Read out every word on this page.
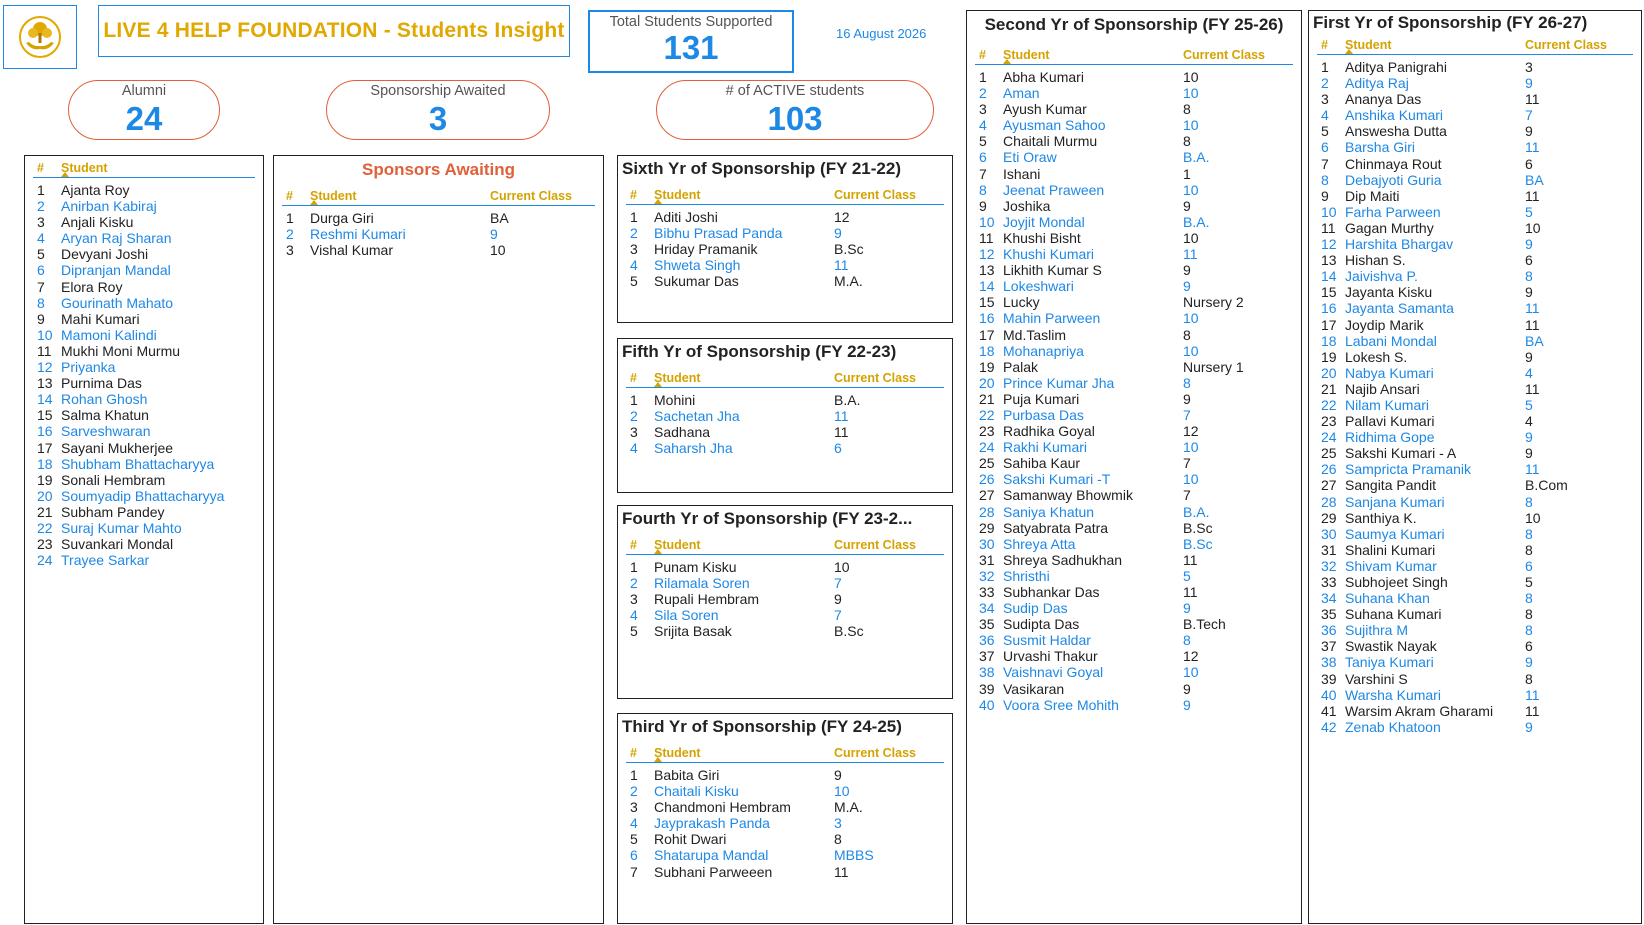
LIVE 4 HELP FOUNDATION - Students Insight	Total Students Supported
131	16 August 2026
Alumni
24
Sponsorship Awaited
3
# of ACTIVE students
103
#	Student
1	Ajanta Roy
2	Anirban Kabiraj
3	Anjali Kisku
4	Aryan Raj Sharan
5	Devyani Joshi
6	Dipranjan Mandal
7	Elora Roy
8	Gourinath Mahato
9	Mahi Kumari
10 Mamoni Kalindi
11 Mukhi Moni Murmu
12 Priyanka
13 Purnima Das
14 Rohan Ghosh
15 Salma Khatun
16 Sarveshwaran
17 Sayani Mukherjee
18 Shubham Bhattacharyya
19 Sonali Hembram
20 Soumyadip Bhattacharyya
21 Subham Pandey
22 Suraj Kumar Mahto
23 Suvankari Mondal
24 Trayee Sarkar
Sponsors Awaiting
#	Student	Current Class
1	Durga Giri	BA
2	Reshmi Kumari	9
3	Vishal Kumar	10
Sixth Yr of Sponsorship (FY 21-22)
#	Student	Current Class
1	Aditi Joshi	12
2	Bibhu Prasad Panda	9
3	Hriday Pramanik	B.Sc
4	Shweta Singh	11
5	Sukumar Das	M.A.
Fifth Yr of Sponsorship (FY 22-23)
#	Student	Current Class
1	Mohini	B.A.
2	Sachetan Jha	11
3	Sadhana	11
4	Saharsh Jha	6
Fourth Yr of Sponsorship (FY 23-2...
#	Student	Current Class
1	Punam Kisku	10
2	Rilamala Soren	7
3	Rupali Hembram	9
4	Sila Soren	7
5	Srijita Basak	B.Sc
Third Yr of Sponsorship (FY 24-25)
#	Student	Current Class
1	Babita Giri	9
2	Chaitali Kisku	10
3	Chandmoni Hembram	M.A.
4	Jayprakash Panda	3
5	Rohit Dwari	8
6	Shatarupa Mandal	MBBS
7	Subhani Parweeen	11
Second Yr of Sponsorship (FY 25-26)
#	Student	Current Class
1	Abha Kumari	10
2	Aman	10
3	Ayush Kumar	8
4	Ayusman Sahoo	10
5	Chaitali Murmu	8
6	Eti Oraw	B.A.
7	Ishani	1
8	Jeenat Praween	10
9	Joshika	9
10 Joyjit Mondal	B.A.
11 Khushi Bisht	10
12 Khushi Kumari	11
13 Likhith Kumar S	9
14 Lokeshwari	9
15 Lucky	Nursery 2
16 Mahin Parween	10
17 Md.Taslim	8
18 Mohanapriya	10
19 Palak	Nursery 1
20 Prince Kumar Jha	8
21 Puja Kumari	9
22 Purbasa Das	7
23 Radhika Goyal	12
24 Rakhi Kumari	10
25 Sahiba Kaur	7
26 Sakshi Kumari -T	10
27 Samanway Bhowmik	7
28 Saniya Khatun	B.A.
29 Satyabrata Patra	B.Sc
30 Shreya Atta	B.Sc
31 Shreya Sadhukhan	11
32 Shristhi	5
33 Subhankar Das	11
34 Sudip Das	9
35 Sudipta Das	B.Tech
36 Susmit Haldar	8
37 Urvashi Thakur	12
38 Vaishnavi Goyal	10
39 Vasikaran	9
40 Voora Sree Mohith	9
First Yr of Sponsorship (FY 26-27)
#	Student	Current Class
1	Aditya Panigrahi	3
2	Aditya Raj	9
3	Ananya Das	11
4	Anshika Kumari	7
5	Answesha Dutta	9
6	Barsha Giri	11
7	Chinmaya Rout	6
8	Debajyoti Guria	BA
9	Dip Maiti	11
10 Farha Parween	5
11 Gagan Murthy	10
12 Harshita Bhargav	9
13 Hishan S.	6
14 Jaivishva P.	8
15 Jayanta Kisku	9
16 Jayanta Samanta	11
17 Joydip Marik	11
18 Labani Mondal	BA
19 Lokesh S.	9
20 Nabya Kumari	4
21 Najib Ansari	11
22 Nilam Kumari	5
23 Pallavi Kumari	4
24 Ridhima Gope	9
25 Sakshi Kumari - A	9
26 Sampricta Pramanik	11
27 Sangita Pandit	B.Com
28 Sanjana Kumari	8
29 Santhiya K.	10
30 Saumya Kumari	8
31 Shalini Kumari	8
32 Shivam Kumar	6
33 Subhojeet Singh	5
34 Suhana Khan	8
35 Suhana Kumari	8
36 Sujithra M	8
37 Swastik Nayak	6
38 Taniya Kumari	9
39 Varshini S	8
40 Warsha Kumari	11
41 Warsim Akram Gharami	11
42 Zenab Khatoon	9
